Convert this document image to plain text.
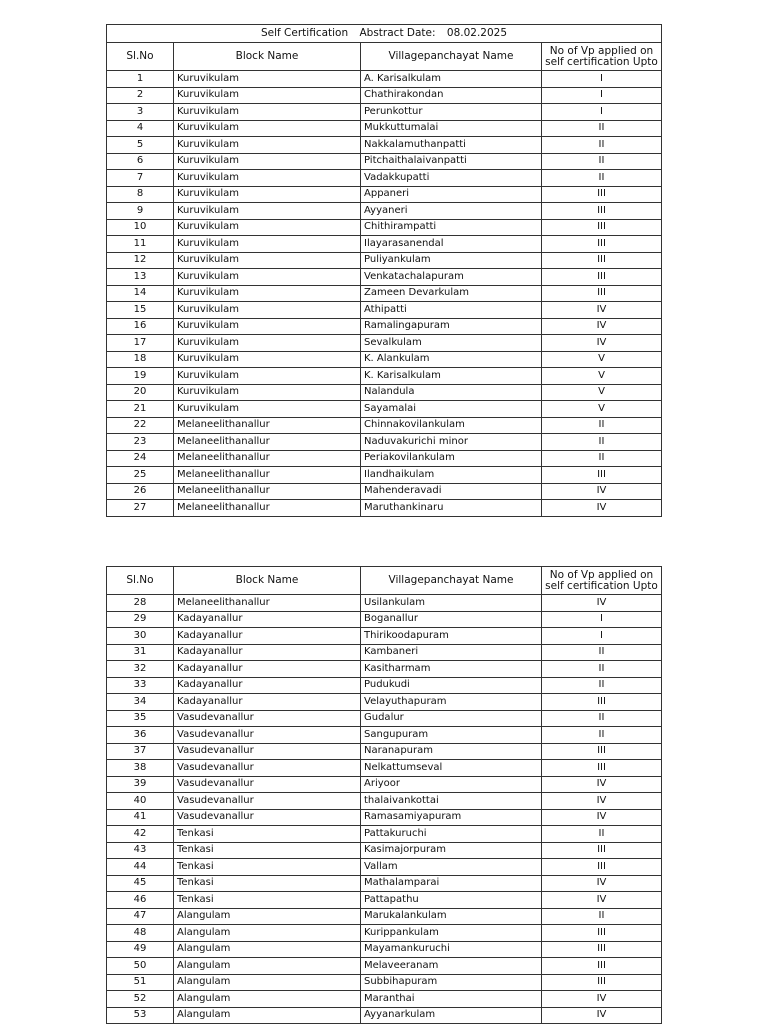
Self Certification Abstract Date: 08.02.2025			
Sl.No	Block Name	Villagepanchayat Name	No of Vp applied on
self certification Upto

1	Kuruvikulam	A. Karisalkulam	I
2	Kuruvikulam	Chathirakondan	I
3	Kuruvikulam	Perunkottur	I
4	Kuruvikulam	Mukkuttumalai	II
5	Kuruvikulam	Nakkalamuthanpatti	II
6	Kuruvikulam	Pitchaithalaivanpatti	II
7	Kuruvikulam	Vadakkupatti	II
8	Kuruvikulam	Appaneri	III
9	Kuruvikulam	Ayyaneri	III
10	Kuruvikulam	Chithirampatti	III
11	Kuruvikulam	Ilayarasanendal	III
12	Kuruvikulam	Puliyankulam	III
13	Kuruvikulam	Venkatachalapuram	III
14	Kuruvikulam	Zameen Devarkulam	III
15	Kuruvikulam	Athipatti	IV
16	Kuruvikulam	Ramalingapuram	IV
17	Kuruvikulam	Sevalkulam	IV
18	Kuruvikulam	K. Alankulam	V
19	Kuruvikulam	K. Karisalkulam	V
20	Kuruvikulam	Nalandula	V
21	Kuruvikulam	Sayamalai	V
22	Melaneelithanallur	Chinnakovilankulam	II
23	Melaneelithanallur	Naduvakurichi minor	II
24	Melaneelithanallur	Periakovilankulam	II
25	Melaneelithanallur	Ilandhaikulam	III
26	Melaneelithanallur	Mahenderavadi	IV
27	Melaneelithanallur	Maruthankinaru	IV
Sl.No	Block Name	Villagepanchayat Name	No of Vp applied on
self certification Upto

28	Melaneelithanallur	Usilankulam	IV
29	Kadayanallur	Boganallur	I
30	Kadayanallur	Thirikoodapuram	I
31	Kadayanallur	Kambaneri	II
32	Kadayanallur	Kasitharmam	II
33	Kadayanallur	Pudukudi	II
34	Kadayanallur	Velayuthapuram	III
35	Vasudevanallur	Gudalur	II
36	Vasudevanallur	Sangupuram	II
37	Vasudevanallur	Naranapuram	III
38	Vasudevanallur	Nelkattumseval	III
39	Vasudevanallur	Ariyoor	IV
40	Vasudevanallur	thalaivankottai	IV
41	Vasudevanallur	Ramasamiyapuram	IV
42	Tenkasi	Pattakuruchi	II
43	Tenkasi	Kasimajorpuram	III
44	Tenkasi	Vallam	III
45	Tenkasi	Mathalamparai	IV
46	Tenkasi	Pattapathu	IV
47	Alangulam	Marukalankulam	II
48	Alangulam	Kurippankulam	III
49	Alangulam	Mayamankuruchi	III
50	Alangulam	Melaveeranam	III
51	Alangulam	Subbihapuram	III
52	Alangulam	Maranthai	IV
53	Alangulam	Ayyanarkulam	IV
